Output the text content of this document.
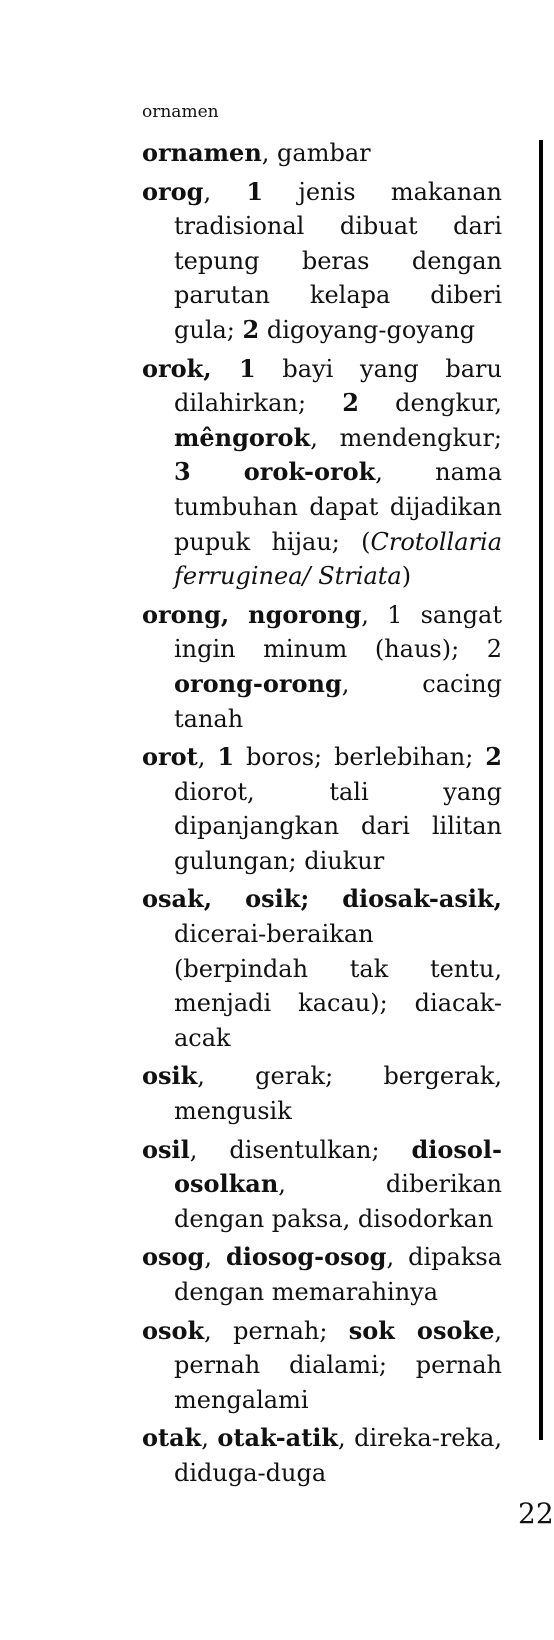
ornamen

ornamen, gambar

orog, 1 jenis makanan tradisional dibuat dari tepung beras dengan parutan kelapa diberi gula; 2 digoyang-goyang

orok, 1 bayi yang baru dilahirkan; 2 dengkur, mêngorok, mendengkur; 3 orok-orok, nama tumbuhan dapat dijadikan pupuk hijau; (Crotollaria ferruginea/ Striata)

orong, ngorong, 1 sangat ingin minum (haus); 2 orong-orong, cacing tanah

orot, 1 boros; berlebihan; 2 diorot, tali yang dipanjangkan dari lilitan gulungan; diukur

osak, osik; diosak-asik, dicerai-beraikan (berpindah tak tentu, menjadi kacau); diacak-acak

osik, gerak; bergerak, mengusik

osil, disentulkan; diosol-osolkan, diberikan dengan paksa, disodorkan

osog, diosog-osog, dipaksa dengan memarahinya

osok, pernah; sok osoke, pernah dialami; pernah mengalami

otak, otak-atik, direka-reka, diduga-duga

22
